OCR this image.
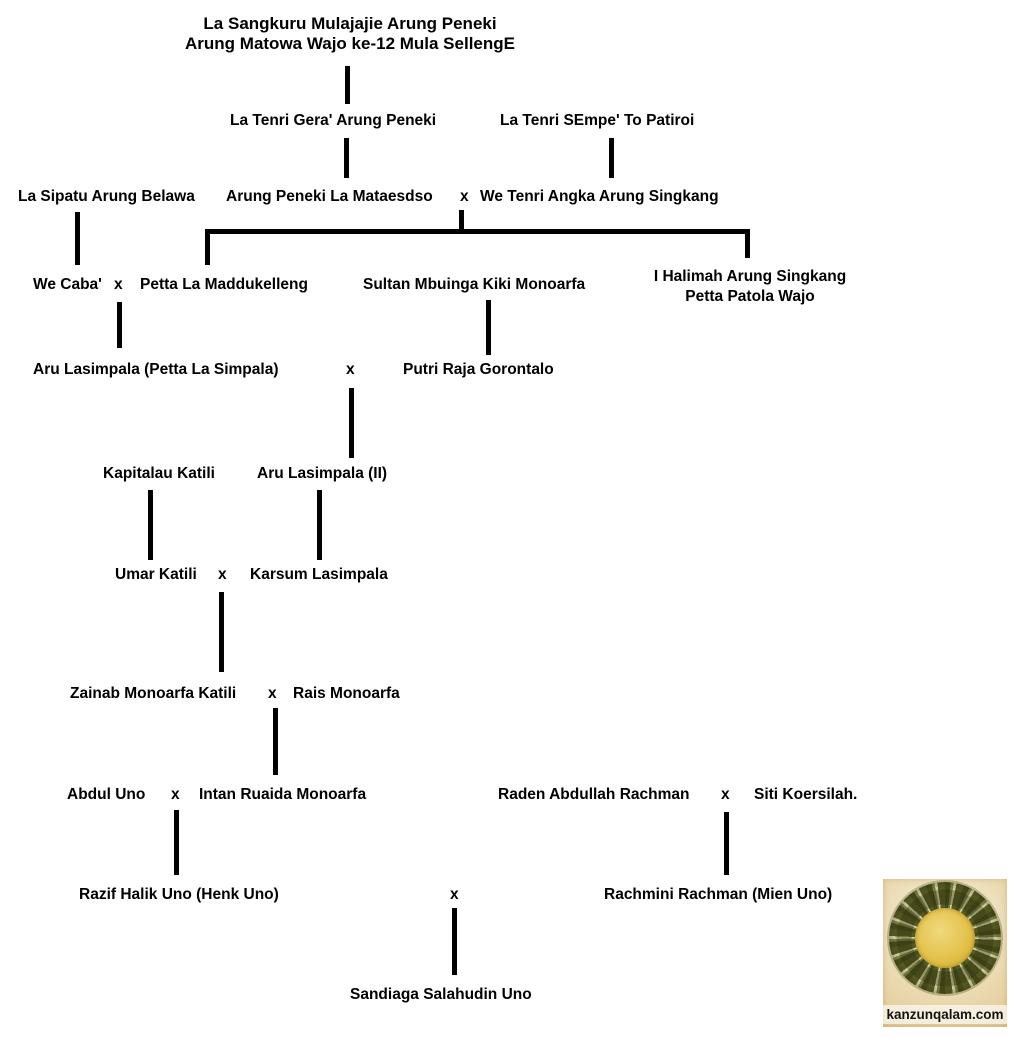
La Sangkuru Mulajajie Arung Peneki
Arung Matowa Wajo ke-12 Mula SellengE
La Tenri Gera' Arung Peneki	La Tenri SEmpe' To Patiroi
La Sipatu Arung Belawa Arung Peneki La Mataesdso x We Tenri Angka Arung Singkang
We Caba' x Petta La Maddukelleng	Sultan Mbuinga Kiki Monoarfa	I Halimah Arung Singkang
Petta Patola Wajo
Aru Lasimpala (Petta La Simpala)	x	Putri Raja Gorontalo
Kapitalau Katili	Aru Lasimpala (II)
Umar Katili x Karsum Lasimpala
Zainab Monoarfa Katili x Rais Monoarfa
Abdul Uno x Intan Ruaida Monoarfa	Raden Abdullah Rachman x Siti Koersilah.
Razif Halik Uno (Henk Uno)	x	Rachmini Rachman (Mien Uno)
Sandiaga Salahudin Uno
kanzunqalam.com
